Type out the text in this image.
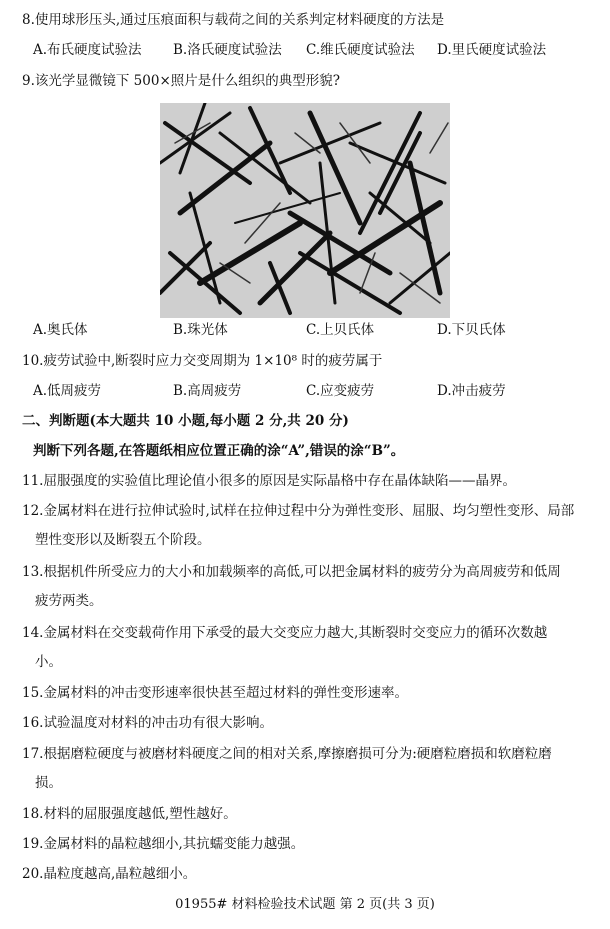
8.使用球形压头,通过压痕面积与载荷之间的关系判定材料硬度的方法是
A.布氏硬度试验法 B.洛氏硬度试验法 C.维氏硬度试验法 D.里氏硬度试验法
9.该光学显微镜下 500×照片是什么组织的典型形貌?
A.奥氏体	B.珠光体	C.上贝氏体	D.下贝氏体
10.疲劳试验中,断裂时应力交变周期为 1×10⁸ 时的疲劳属于
A.低周疲劳	B.高周疲劳	C.应变疲劳	D.冲击疲劳
二、判断题(本大题共 10 小题,每小题 2 分,共 20 分)
判断下列各题,在答题纸相应位置正确的涂“A”,错误的涂“B”。
11.屈服强度的实验值比理论值小很多的原因是实际晶格中存在晶体缺陷——晶界。
12.金属材料在进行拉伸试验时,试样在拉伸过程中分为弹性变形、屈服、均匀塑性变形、局部
塑性变形以及断裂五个阶段。
13.根据机件所受应力的大小和加载频率的高低,可以把金属材料的疲劳分为高周疲劳和低周
疲劳两类。
14.金属材料在交变载荷作用下承受的最大交变应力越大,其断裂时交变应力的循环次数越
小。
15.金属材料的冲击变形速率很快甚至超过材料的弹性变形速率。
16.试验温度对材料的冲击功有很大影响。
17.根据磨粒硬度与被磨材料硬度之间的相对关系,摩擦磨损可分为:硬磨粒磨损和软磨粒磨
损。
18.材料的屈服强度越低,塑性越好。
19.金属材料的晶粒越细小,其抗蠕变能力越强。
20.晶粒度越高,晶粒越细小。
01955# 材料检验技术试题 第 2 页(共 3 页)
